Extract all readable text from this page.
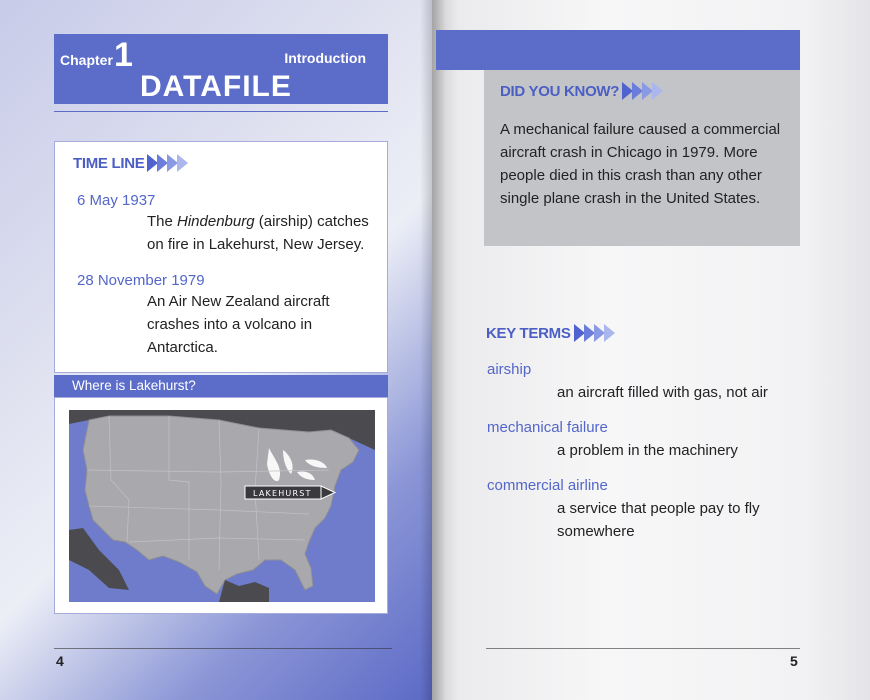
Chapter 1	Introduction
DATAFILE
TIME LINE
6 May 1937
The Hindenburg (airship) catches on fire in Lakehurst, New Jersey.
28 November 1979
An Air New Zealand aircraft crashes into a volcano in Antarctica.
Where is Lakehurst?
LAKEHURST
4
DID YOU KNOW?
A mechanical failure caused a commercial aircraft crash in Chicago in 1979. More people died in this crash than any other single plane crash in the United States.
KEY TERMS
airship
an aircraft filled with gas, not air
mechanical failure
a problem in the machinery
commercial airline
a service that people pay to fly somewhere
5
